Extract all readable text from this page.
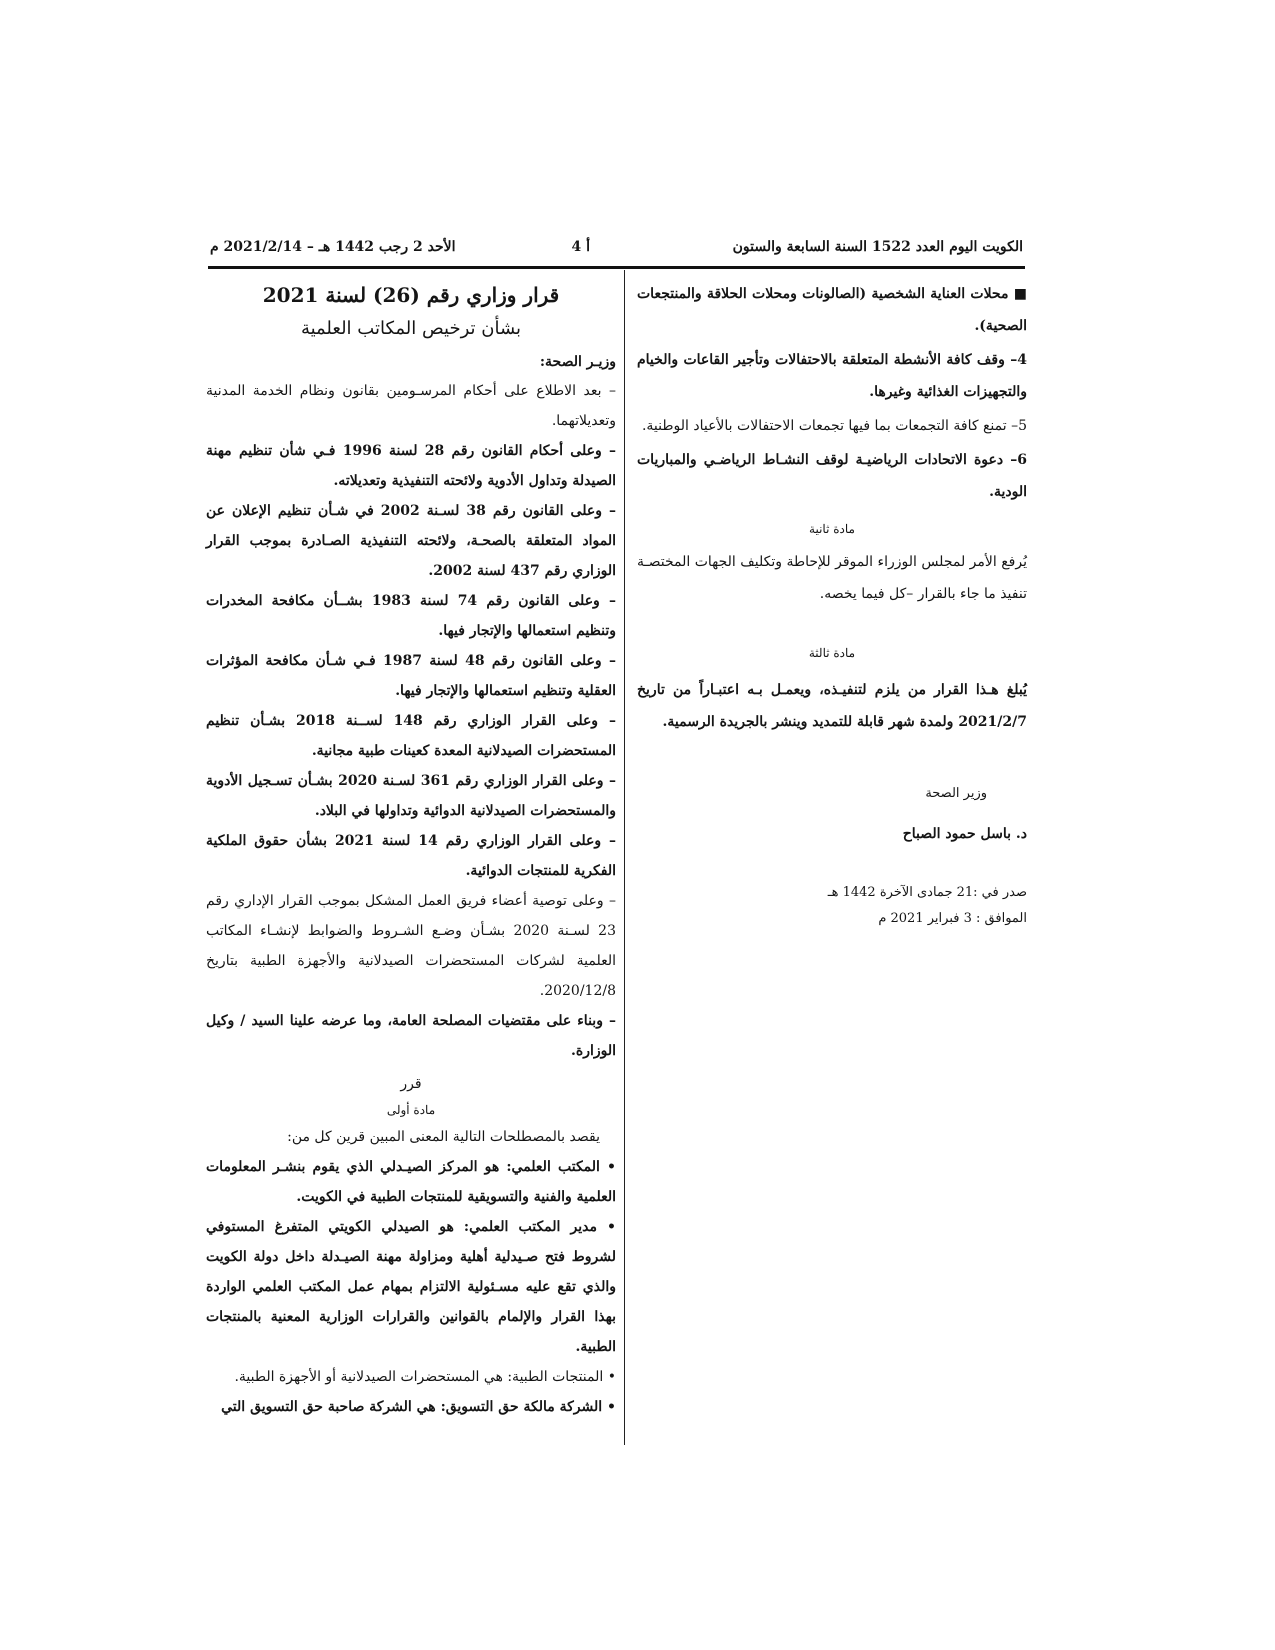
الكويت اليوم العدد 1522 السنة السابعة والستون
أ 4
الأحد 2 رجب 1442 هـ – 2021/2/14 م

■ محلات العناية الشخصية (الصالونات ومحلات الحلاقة والمنتجعات الصحية).

4– وقف كافة الأنشطة المتعلقة بالاحتفالات وتأجير القاعات والخيام والتجهيزات الغذائية وغيرها.

5– تمنع كافة التجمعات بما فيها تجمعات الاحتفالات بالأعياد الوطنية.

6– دعوة الاتحادات الرياضيـة لوقف النشـاط الرياضـي والمباريات الودية.

مادة ثانية

يُرفع الأمر لمجلس الوزراء الموقر للإحاطة وتكليف الجهات المختصـة تنفيذ ما جاء بالقرار –كل فيما يخصه.

مادة ثالثة

يُبلغ هـذا القرار من يلزم لتنفيـذه، ويعمـل بـه اعتبـاراً من تاريخ 2021/2/7 ولمدة شهر قابلة للتمديد وينشر بالجريدة الرسمية.

وزير الصحة
د. باسل حمود الصباح
صدر في :21 جمادى الآخرة 1442 هـ
الموافق : 3 فبراير 2021 م
قرار وزاري رقم (26) لسنة 2021
بشأن ترخيص المكاتب العلمية
وزيـر الصحة:

– بعد الاطلاع على أحكام المرسـومين بقانون ونظام الخدمة المدنية وتعديلاتهما.

– وعلى أحكام القانون رقم 28 لسنة 1996 فـي شأن تنظيم مهنة الصيدلة وتداول الأدوية ولائحته التنفيذية وتعديلاته.

– وعلى القانون رقم 38 لسـنة 2002 في شـأن تنظيم الإعلان عن المواد المتعلقة بالصحـة، ولائحته التنفيذية الصـادرة بموجب القرار الوزاري رقم 437 لسنة 2002.

– وعلى القانون رقم 74 لسنة 1983 بشــأن مكافحة المخدرات وتنظيم استعمالها والإتجار فيها.

– وعلى القانون رقم 48 لسنة 1987 فـي شـأن مكافحة المؤثرات العقلية وتنظيم استعمالها والإتجار فيها.

– وعلى القرار الوزاري رقم 148 لســنة 2018 بشـأن تنظيم المستحضرات الصيدلانية المعدة كعينات طبية مجانية.

– وعلى القرار الوزاري رقم 361 لسـنة 2020 بشـأن تسـجيل الأدوية والمستحضرات الصيدلانية الدوائية وتداولها في البلاد.

– وعلى القرار الوزاري رقم 14 لسنة 2021 بشأن حقوق الملكية الفكرية للمنتجات الدوائية.

– وعلى توصية أعضاء فريق العمل المشكل بموجب القرار الإداري رقم 23 لسـنة 2020 بشـأن وضـع الشـروط والضوابط لإنشـاء المكاتب العلمية لشركات المستحضرات الصيدلانية والأجهزة الطبية بتاريخ 2020/12/8.

– وبناء على مقتضيات المصلحة العامة، وما عرضه علينا السيد / وكيل الوزارة.

قرر
مادة أولى

يقصد بالمصطلحات التالية المعنى المبين قرين كل من:

• المكتب العلمي: هو المركز الصيـدلي الذي يقوم بنشـر المعلومات العلمية والفنية والتسويقية للمنتجات الطبية في الكويت.

• مدير المكتب العلمي: هو الصيدلي الكويتي المتفرغ المستوفي لشروط فتح صـيدلية أهلية ومزاولة مهنة الصيـدلة داخل دولة الكويت والذي تقع عليه مسـئولية الالتزام بمهام عمل المكتب العلمي الواردة بهذا القرار والإلمام بالقوانين والقرارات الوزارية المعنية بالمنتجات الطبية.

• المنتجات الطبية: هي المستحضرات الصيدلانية أو الأجهزة الطبية.

• الشركة مالكة حق التسويق: هي الشركة صاحبة حق التسويق التي
